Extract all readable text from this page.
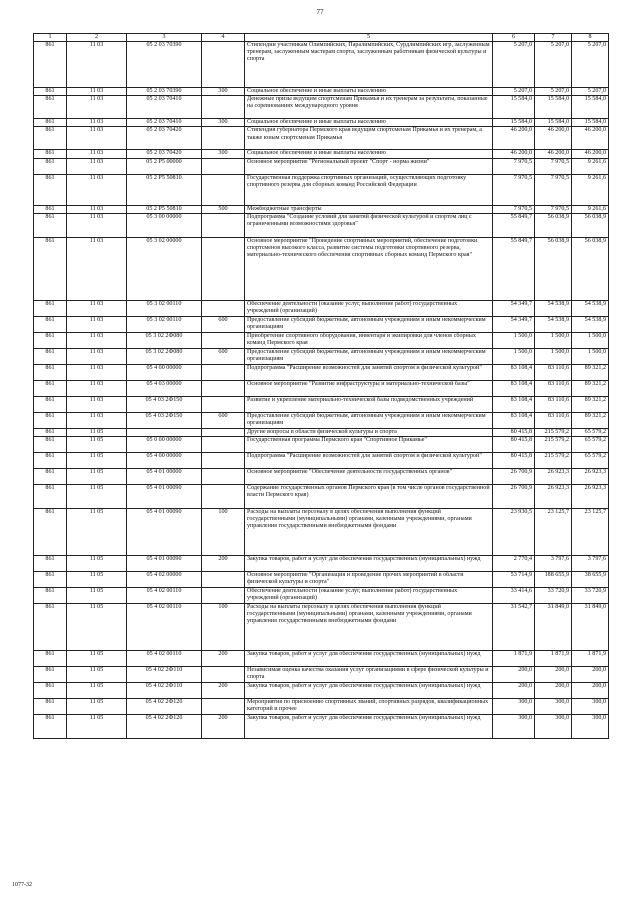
77
1	2	3	4	5	6	7	8
861	11 03	05 2 03 70390		Стипендии участникам Олимпийских, Паралимпийских, Сурдлимпийских игр, заслуженным тренерам, заслуженным мастерам спорта, заслуженным работникам физической культуры и спорта	5 207,0	5 207,0	5 207,0
861	11 03	05 2 03 70390	300	Социальное обеспечение и иные выплаты населению	5 207,0	5 207,0	5 207,0
861	11 03	05 2 03 70410		Денежные призы ведущим спортсменам Прикамья и их тренерам за результаты, показанные на соревнованиях международного уровня	15 584,0	15 584,0	15 584,0
861	11 03	05 2 03 70410	300	Социальное обеспечение и иные выплаты населению	15 584,0	15 584,0	15 584,0
861	11 03	05 2 03 70420		Стипендия губернатора Пермского края ведущим спортсменам Прикамья и их тренерам, а также юным спортсменам Прикамья	46 200,0	46 200,0	46 200,0
861	11 03	05 2 03 70420	300	Социальное обеспечение и иные выплаты населению	46 200,0	46 200,0	46 200,0
861	11 03	05 2 P5 00000		Основное мероприятие "Региональный проект "Спорт - норма жизни"	7 970,5	7 970,5	9 261,6
861	11 03	05 2 P5 50810		Государственная поддержка спортивных организаций, осуществляющих подготовку спортивного резерва для сборных команд Российской Федерации	7 970,5	7 970,5	9 261,6
861	11 03	05 2 P5 50810	500	Межбюджетные трансферты	7 970,5	7 970,5	9 261,6
861	11 03	05 3 00 00000		Подпрограмма "Создание условий для занятий физической культурой и спортом лиц с ограниченными возможностями здоровья"	55 849,7	56 038,9	56 038,9
861	11 03	05 3 02 00000		Основное мероприятие "Проведение спортивных мероприятий, обеспечение подготовки спортсменов высокого класса, развитие системы подготовки спортивного резерва, материально-технического обеспечения спортивных сборных команд Пермского края"	55 849,7	56 038,9	56 038,9
861	11 03	05 3 02 00110		Обеспечение деятельности (оказание услуг, выполнение работ) государственных учреждений (организаций)	54 349,7	54 538,9	54 538,9
861	11 03	05 3 02 00110	600	Предоставление субсидий бюджетным, автономным учреждениям и иным некоммерческим организациям	54 349,7	54 538,9	54 538,9
861	11 03	05 3 02 2Ф080		Приобретение спортивного оборудования, инвентаря и экипировки для членов сборных команд Пермского края	1 500,0	1 500,0	1 500,0
861	11 03	05 3 02 2Ф080	600	Предоставление субсидий бюджетным, автономным учреждениям и иным некоммерческим организациям	1 500,0	1 500,0	1 500,0
861	11 03	05 4 00 00000		Подпрограмма "Расширение возможностей для занятий спортом и физической культурой"	83 108,4	83 110,6	89 321,2
861	11 03	05 4 03 00000		Основное мероприятие "Развитие инфраструктуры и материально-технической базы"	83 108,4	83 110,6	89 321,2
861	11 03	05 4 03 2Ф150		Развитие и укрепление материально-технической базы подведомственных учреждений	83 108,4	83 110,6	89 321,2
861	11 03	05 4 03 2Ф150	600	Предоставление субсидий бюджетным, автономным учреждениям и иным некоммерческим организациям	83 108,4	83 110,6	89 321,2
861	11 05			Другие вопросы в области физической культуры и спорта	80 415,8	215 579,2	65 579,2
861	11 05	05 0 00 00000		Государственная программа Пермского края "Спортивное Прикамье"	80 415,8	215 579,2	65 579,2
861	11 05	05 4 00 00000		Подпрограмма "Расширение возможностей для занятий спортом и физической культурой"	80 415,8	215 579,2	65 579,2
861	11 05	05 4 01 00000		Основное мероприятие "Обеспечение деятельности государственных органов"	26 700,9	26 923,3	26 923,3
861	11 05	05 4 01 00090		Содержание государственных органов Пермского края (в том числе органов государственной власти Пермского края)	26 700,9	26 923,3	26 923,3
861	11 05	05 4 01 00090	100	Расходы на выплаты персоналу в целях обеспечения выполнения функций государственными (муниципальными) органами, казенными учреждениями, органами управления государственными внебюджетными фондами	23 930,5	23 125,7	23 125,7
861	11 05	05 4 01 00090	200	Закупка товаров, работ и услуг для обеспечения государственных (муниципальных) нужд	2 770,4	3 797,6	3 797,6
861	11 05	05 4 02 00000		Основное мероприятие "Организация и проведение прочих мероприятий в области физической культуры и спорта"	53 714,9	188 655,9	38 655,9
861	11 05	05 4 02 00110		Обеспечение деятельности (оказание услуг, выполнение работ) государственных учреждений (организаций)	33 414,6	33 720,9	33 720,9
861	11 05	05 4 02 00110	100	Расходы на выплаты персоналу в целях обеспечения выполнения функций государственными (муниципальными) органами, казенными учреждениями, органами управления государственными внебюджетными фондами	31 542,7	31 849,0	31 849,0
861	11 05	05 4 02 00110	200	Закупка товаров, работ и услуг для обеспечения государственных (муниципальных) нужд	1 871,9	1 871,9	1 871,9
861	11 05	05 4 02 2Ф110		Независимая оценка качества оказания услуг организациями в сфере физической культуры и спорта	200,0	200,0	200,0
861	11 05	05 4 02 2Ф110	200	Закупка товаров, работ и услуг для обеспечения государственных (муниципальных) нужд	200,0	200,0	200,0
861	11 05	05 4 02 2Ф120		Мероприятия по присвоению спортивных званий, спортивных разрядов, квалификационных категорий и прочее	300,0	300,0	300,0
861	11 05	05 4 02 2Ф120	200	Закупка товаров, работ и услуг для обеспечения государственных (муниципальных) нужд	300,0	300,0	300,0
1077-32
